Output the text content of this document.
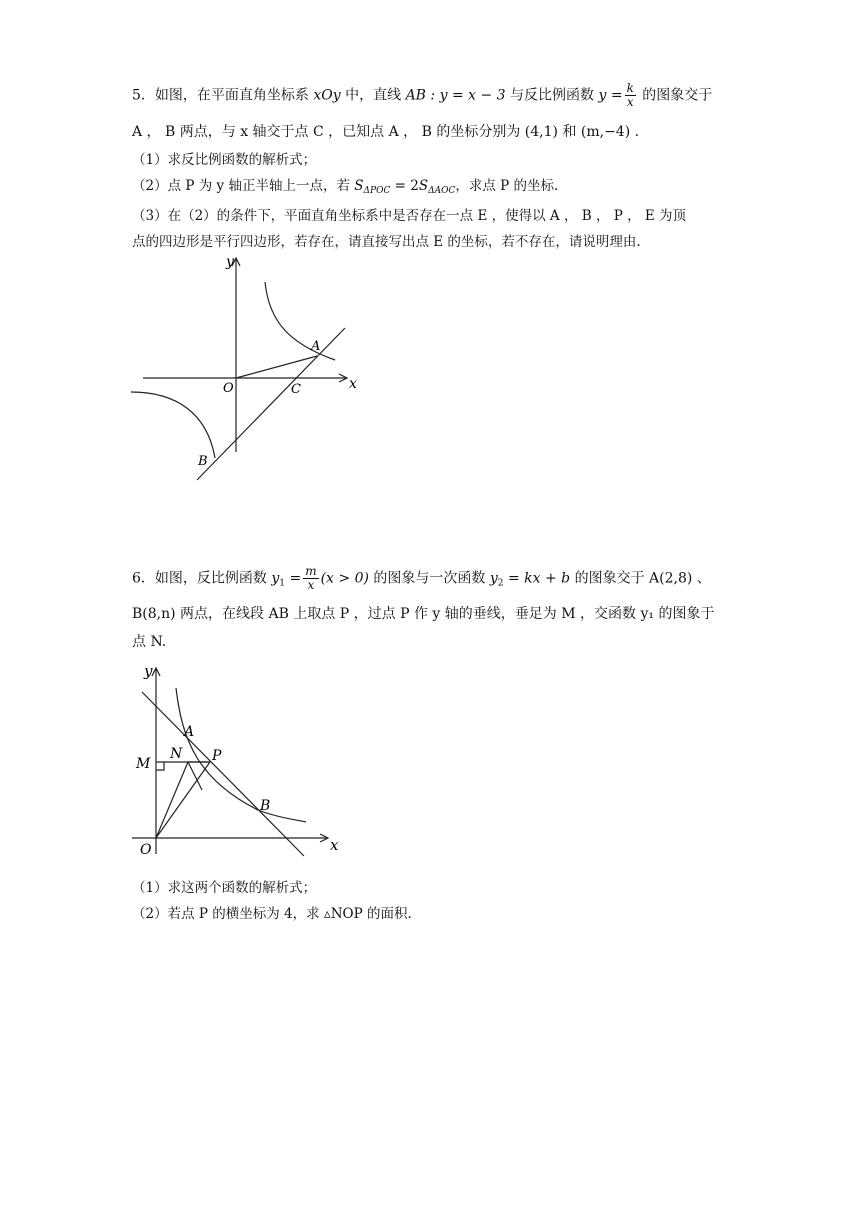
5．如图，在平面直角坐标系 xOy 中，直线 AB : y = x − 3 与反比例函数 $y = \frac{k}{x}$ 的图象交于
A ， B 两点，与 x 轴交于点 C ，已知点 A ， B 的坐标分别为 (4,1) 和 (m,−4) .
（1）求反比例函数的解析式；
（2）点 P 为 y 轴正半轴上一点，若 $S_{\Delta POC} = 2S_{\Delta AOC}$，求点 P 的坐标.
（3）在（2）的条件下，平面直角坐标系中是否存在一点 E ，使得以 A ， B ， P ， E 为顶
点的四边形是平行四边形，若存在，请直接写出点 E 的坐标，若不存在，请说明理由.
y
x
O	C
A
B
6．如图，反比例函数 $y_1 = \frac{m}{x} (x > 0)$ 的图象与一次函数 $y_2$ = kx + b 的图象交于 A(2,8) 、
B(8,n) 两点，在线段 AB 上取点 P ，过点 P 作 y 轴的垂线，垂足为 M ，交函数 y₁ 的图象于
点 N.
y
x
O
M
N P
A
B
（1）求这两个函数的解析式；
（2）若点 P 的横坐标为 4，求 ▵NOP 的面积.
